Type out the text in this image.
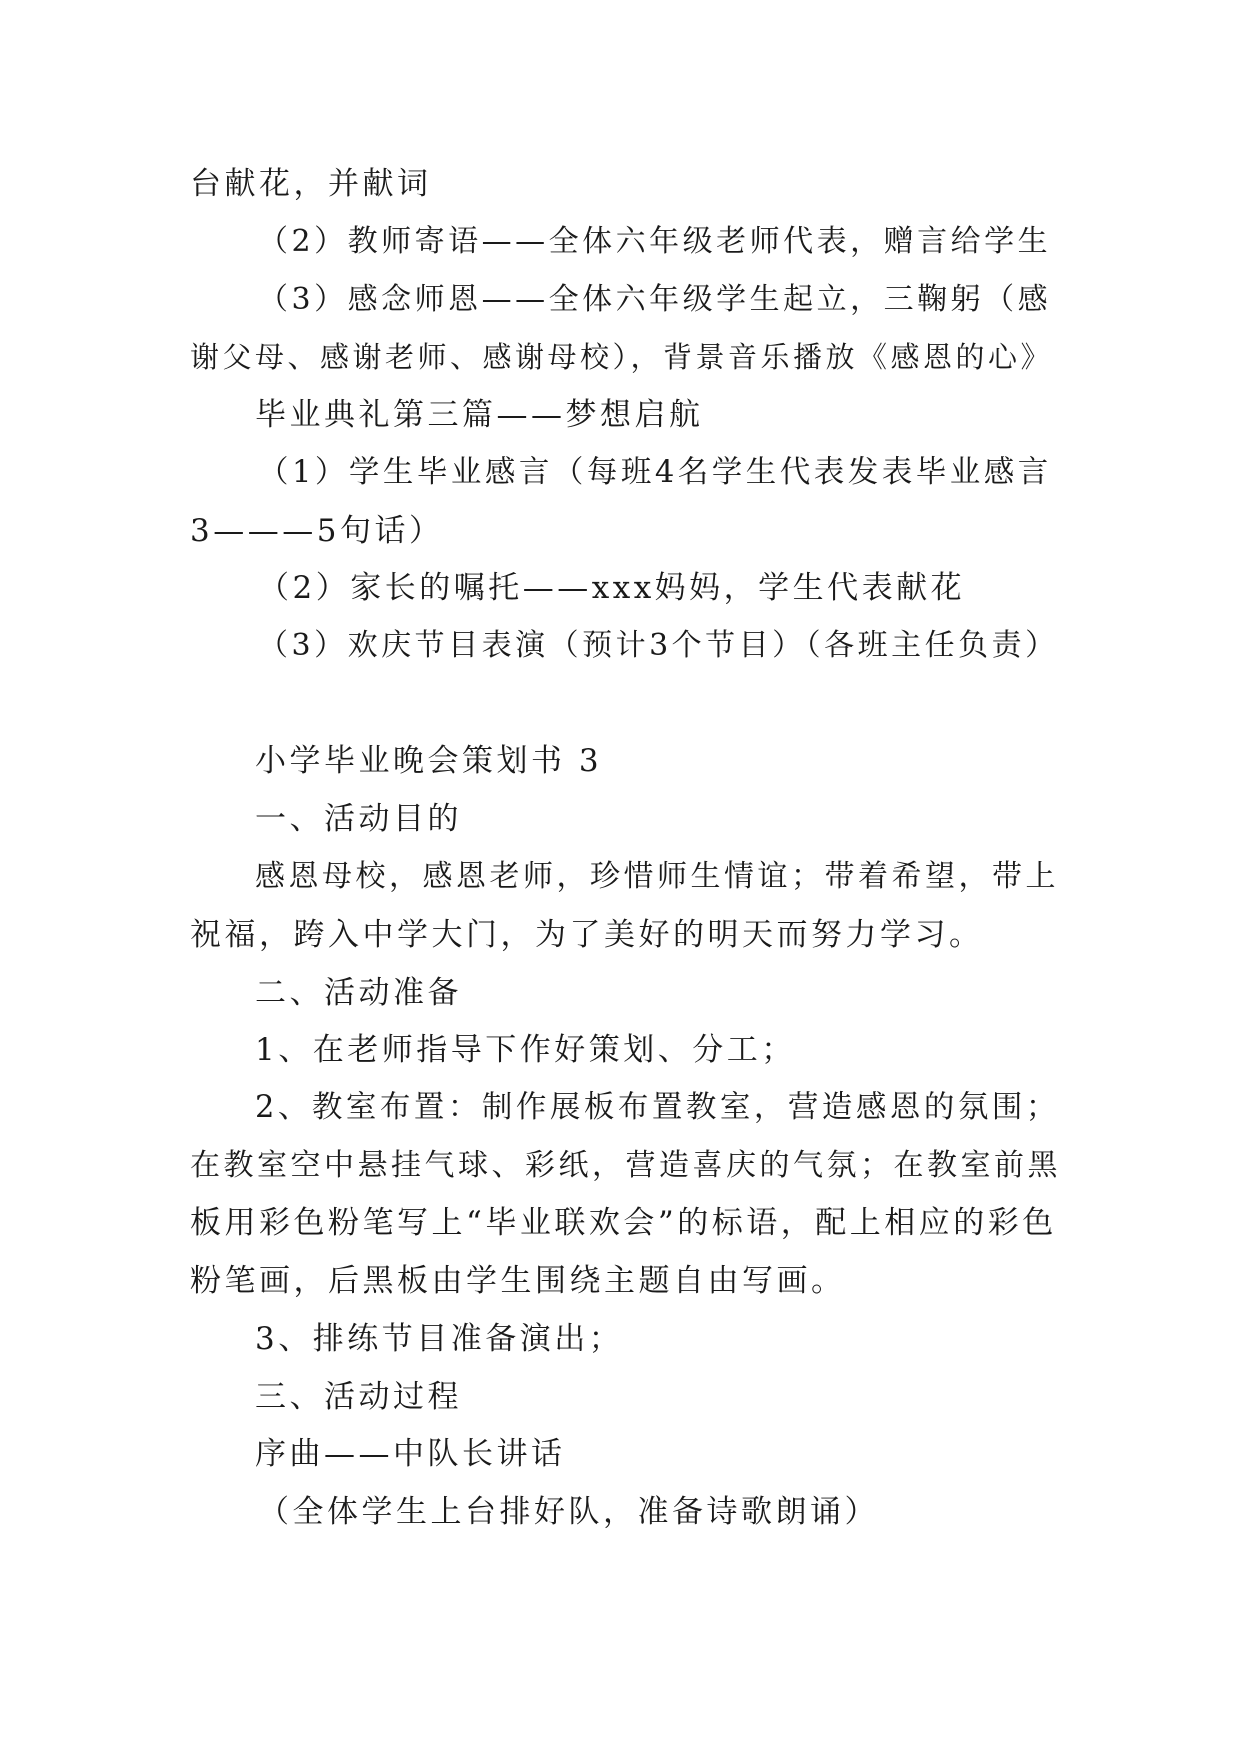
台献花，并献词
（2）教师寄语——全体六年级老师代表，赠言给学生
（3）感念师恩——全体六年级学生起立，三鞠躬（感
谢父母、感谢老师、感谢母校），背景音乐播放《感恩的心》
毕业典礼第三篇——梦想启航
（1）学生毕业感言（每班4名学生代表发表毕业感言
3———5句话）
（2）家长的嘱托——xxx妈妈，学生代表献花
（3）欢庆节目表演（预计3个节目）（各班主任负责）
小学毕业晚会策划书 3
一、活动目的
感恩母校，感恩老师，珍惜师生情谊；带着希望，带上
祝福，跨入中学大门，为了美好的明天而努力学习。
二、活动准备
1、在老师指导下作好策划、分工；
2、教室布置：制作展板布置教室，营造感恩的氛围；
在教室空中悬挂气球、彩纸，营造喜庆的气氛；在教室前黑
板用彩色粉笔写上“毕业联欢会”的标语，配上相应的彩色
粉笔画，后黑板由学生围绕主题自由写画。
3、排练节目准备演出；
三、活动过程
序曲——中队长讲话
（全体学生上台排好队，准备诗歌朗诵）
